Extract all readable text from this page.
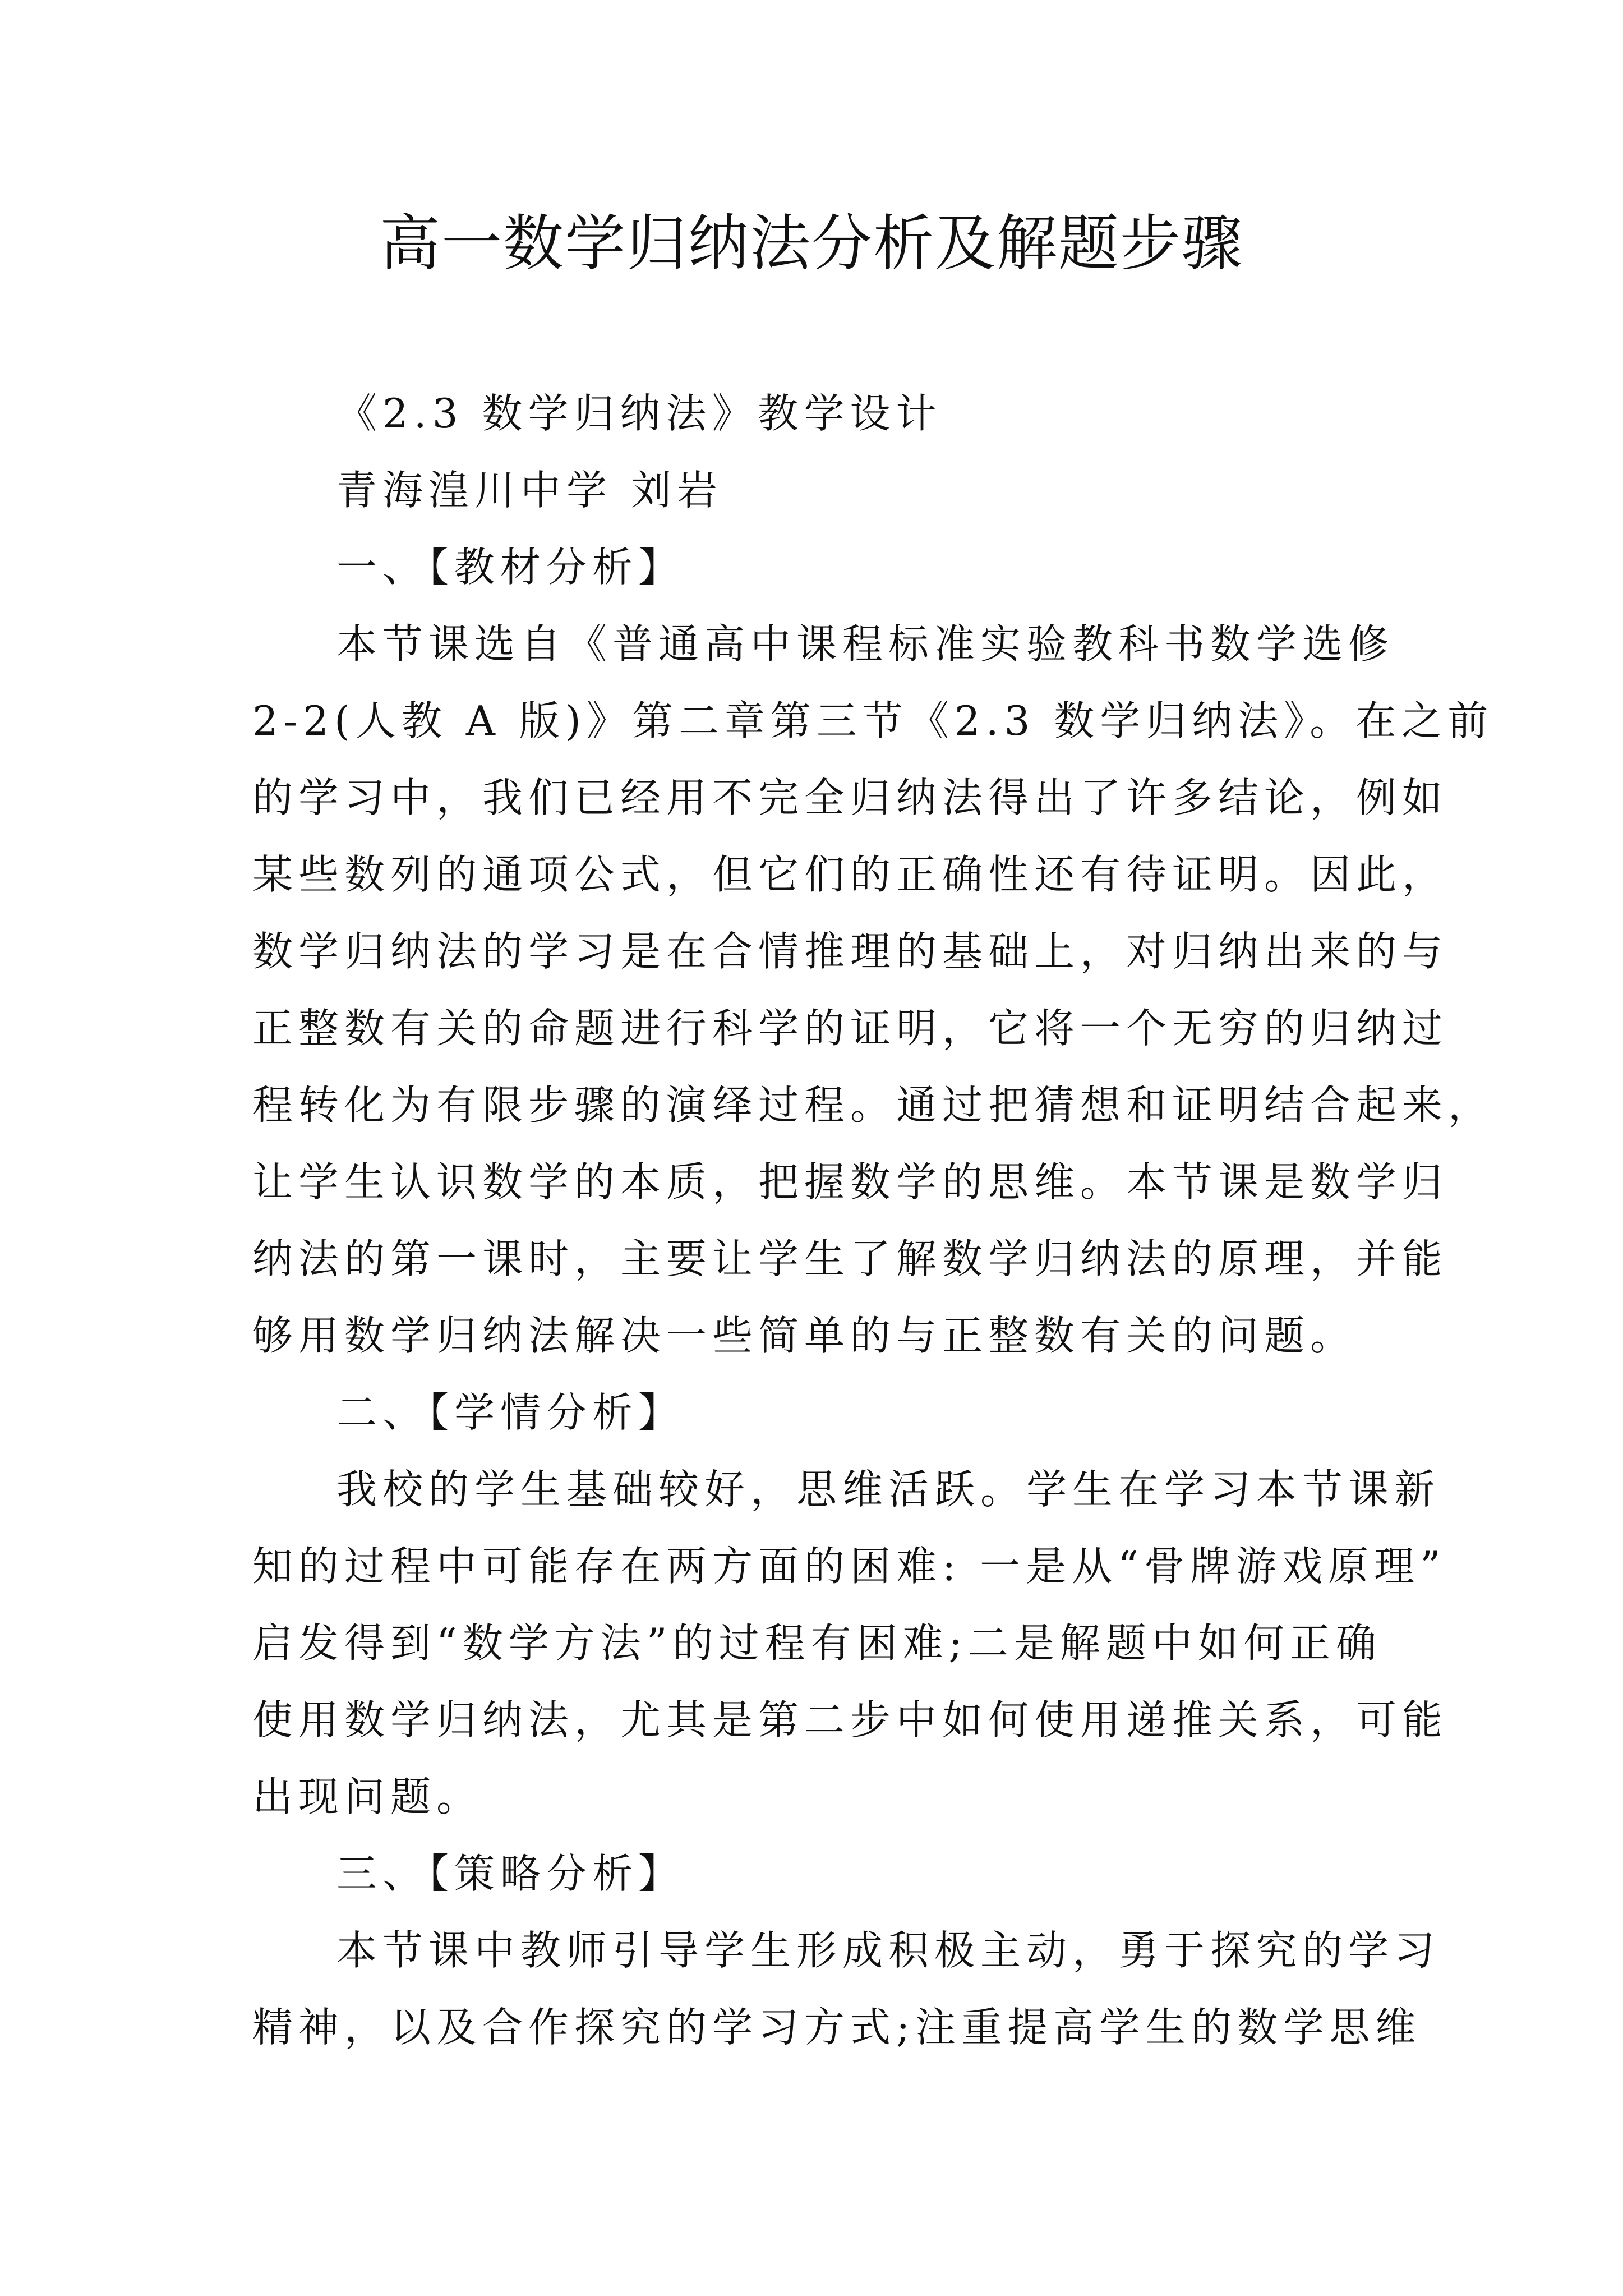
高一数学归纳法分析及解题步骤
《2.3 数学归纳法》教学设计
青海湟川中学 刘岩
一、【教材分析】
本节课选自《普通高中课程标准实验教科书数学选修
2-2(人教 A 版)》第二章第三节《2.3 数学归纳法》。在之前
的学习中，我们已经用不完全归纳法得出了许多结论，例如
某些数列的通项公式，但它们的正确性还有待证明。因此，
数学归纳法的学习是在合情推理的基础上，对归纳出来的与
正整数有关的命题进行科学的证明，它将一个无穷的归纳过
程转化为有限步骤的演绎过程。通过把猜想和证明结合起来，
让学生认识数学的本质，把握数学的思维。本节课是数学归
纳法的第一课时，主要让学生了解数学归纳法的原理，并能
够用数学归纳法解决一些简单的与正整数有关的问题。
二、【学情分析】
我校的学生基础较好，思维活跃。学生在学习本节课新
知的过程中可能存在两方面的困难: 一是从“骨牌游戏原理”
启发得到“数学方法”的过程有困难;二是解题中如何正确
使用数学归纳法，尤其是第二步中如何使用递推关系，可能
出现问题。
三、【策略分析】
本节课中教师引导学生形成积极主动，勇于探究的学习
精神，以及合作探究的学习方式;注重提高学生的数学思维
